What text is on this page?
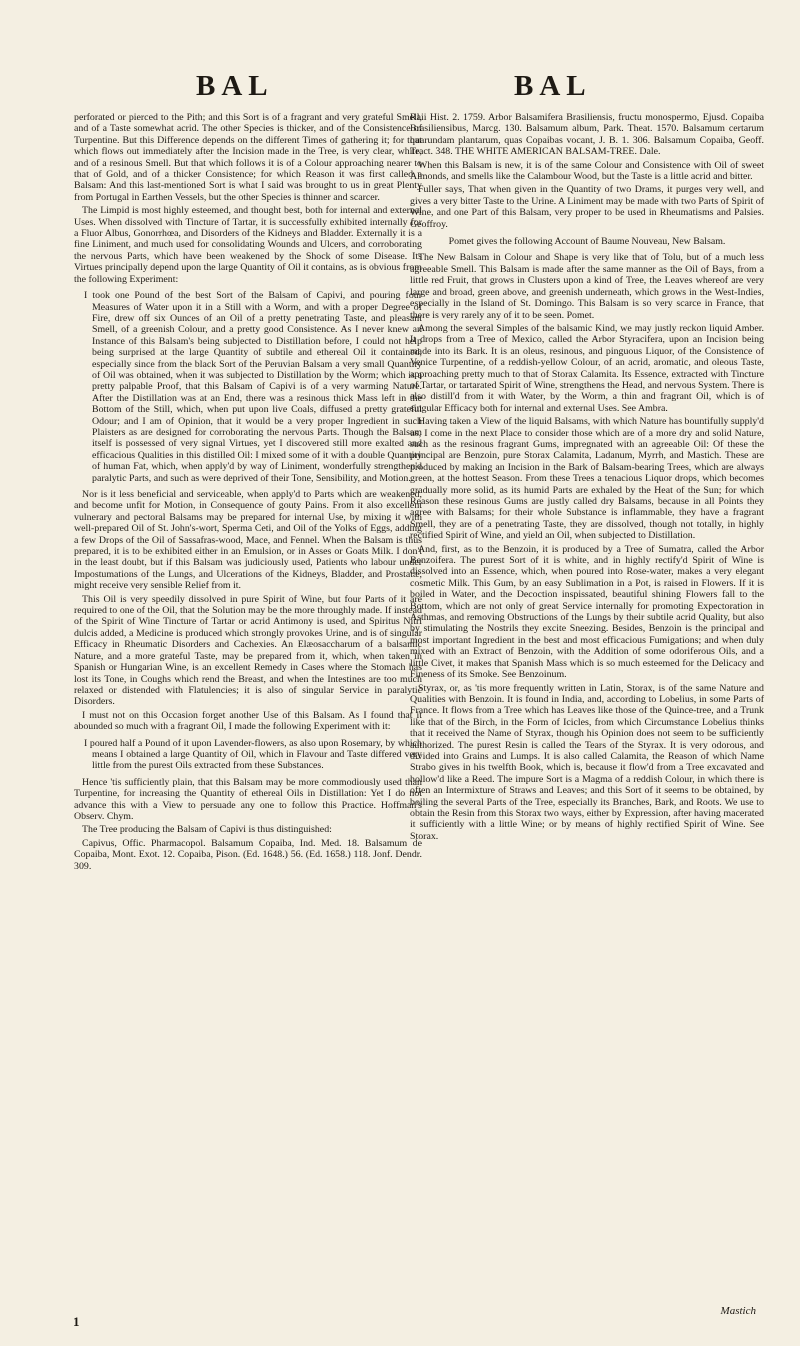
BAL	BAL

perforated or pierced to the Pith; and this Sort is of a fragrant and very grateful Smell, and of a Taste somewhat acrid. The other Species is thicker, and of the Consistence of Turpentine. But this Difference depends on the different Times of gathering it; for that which flows out immediately after the Incision made in the Tree, is very clear, white, and of a resinous Smell. But that which follows it is of a Colour approaching nearer to that of Gold, and of a thicker Consistence; for which Reason it was first called a Balsam: And this last-mentioned Sort is what I said was brought to us in great Plenty from Portugal in Earthen Vessels, but the other Species is thinner and scarcer.

The Limpid is most highly esteemed, and thought best, both for internal and external Uses. When dissolved with Tincture of Tartar, it is successfully exhibited internally for a Fluor Albus, Gonorrhœa, and Disorders of the Kidneys and Bladder. Externally it is a fine Liniment, and much used for consolidating Wounds and Ulcers, and corroborating the nervous Parts, which have been weakened by the Shock of some Disease. Its Virtues principally depend upon the large Quantity of Oil it contains, as is obvious from the following Experiment:

I took one Pound of the best Sort of the Balsam of Capivi, and pouring four Measures of Water upon it in a Still with a Worm, and with a proper Degree of Fire, drew off six Ounces of an Oil of a pretty penetrating Taste, and pleasant Smell, of a greenish Colour, and a pretty good Consistence. As I never knew an Instance of this Balsam's being subjected to Distillation before, I could not help being surprised at the large Quantity of subtile and ethereal Oil it contained, especially since from the black Sort of the Peruvian Balsam a very small Quantity of Oil was obtained, when it was subjected to Distillation by the Worm; which is a pretty palpable Proof, that this Balsam of Capivi is of a very warming Nature. After the Distillation was at an End, there was a resinous thick Mass left in the Bottom of the Still, which, when put upon live Coals, diffused a pretty grateful Odour; and I am of Opinion, that it would be a very proper Ingredient in such Plaisters as are designed for corroborating the nervous Parts. Though the Balsam itself is possessed of very signal Virtues, yet I discovered still more exalted and efficacious Qualities in this distilled Oil: I mixed some of it with a double Quantity of human Fat, which, when apply'd by way of Liniment, wonderfully strengthen'd paralytic Parts, and such as were deprived of their Tone, Sensibility, and Motion.

Nor is it less beneficial and serviceable, when apply'd to Parts which are weakened, and become unfit for Motion, in Consequence of gouty Pains. From it also excellent vulnerary and pectoral Balsams may be prepared for internal Use, by mixing it with well-prepared Oil of St. John's-wort, Sperma Ceti, and Oil of the Yolks of Eggs, adding a few Drops of the Oil of Sassafras-wood, Mace, and Fennel. When the Balsam is thus prepared, it is to be exhibited either in an Emulsion, or in Asses or Goats Milk. I don't in the least doubt, but if this Balsam was judiciously used, Patients who labour under Impostumations of the Lungs, and Ulcerations of the Kidneys, Bladder, and Prostatæ, might receive very sensible Relief from it.

This Oil is very speedily dissolved in pure Spirit of Wine, but four Parts of it are required to one of the Oil, that the Solution may be the more throughly made. If instead of the Spirit of Wine Tincture of Tartar or acrid Antimony is used, and Spiritus Nitri dulcis added, a Medicine is produced which strongly provokes Urine, and is of singular Efficacy in Rheumatic Disorders and Cachexies. An Elæosaccharum of a balsamic Nature, and a more grateful Taste, may be prepared from it, which, when taken in Spanish or Hungarian Wine, is an excellent Remedy in Cases where the Stomach has lost its Tone, in Coughs which rend the Breast, and when the Intestines are too much relaxed or distended with Flatulencies; it is also of singular Service in paralytic Disorders.

I must not on this Occasion forget another Use of this Balsam. As I found that it abounded so much with a fragrant Oil, I made the following Experiment with it:

I poured half a Pound of it upon Lavender-flowers, as also upon Rosemary, by which means I obtained a large Quantity of Oil, which in Flavour and Taste differed very little from the purest Oils extracted from these Substances.

Hence 'tis sufficiently plain, that this Balsam may be more commodiously used than Turpentine, for increasing the Quantity of ethereal Oils in Distillation: Yet I do not advance this with a View to persuade any one to follow this Practice. Hoffman's Observ. Chym.

The Tree producing the Balsam of Capivi is thus distinguished:

Capivus, Offic. Pharmacopol. Balsamum Copaiba, Ind. Med. 18. Balsamum de Copaiba, Mont. Exot. 12. Copaiba, Pison. (Ed. 1648.) 56. (Ed. 1658.) 118. Jonf. Dendr. 309.

Raii Hist. 2. 1759. Arbor Balsamifera Brasiliensis, fructu monospermo, Ejusd. Copaiba Brasiliensibus, Marcg. 130. Balsamum album, Park. Theat. 1570. Balsamum certarum quarundam plantarum, quas Copaibas vocant, J. B. 1. 306. Balsamum Copaiba, Geoff. Tract. 348. THE WHITE AMERICAN BALSAM-TREE. Dale.

When this Balsam is new, it is of the same Colour and Consistence with Oil of sweet Almonds, and smells like the Calambour Wood, but the Taste is a little acrid and bitter.

Fuller says, That when given in the Quantity of two Drams, it purges very well, and gives a very bitter Taste to the Urine. A Liniment may be made with two Parts of Spirit of Wine, and one Part of this Balsam, very proper to be used in Rheumatisms and Palsies. Geoffroy.

Pomet gives the following Account of Baume Nouveau, New Balsam.

The New Balsam in Colour and Shape is very like that of Tolu, but of a much less agreeable Smell. This Balsam is made after the same manner as the Oil of Bays, from a little red Fruit, that grows in Clusters upon a kind of Tree, the Leaves whereof are very large and broad, green above, and greenish underneath, which grows in the West-Indies, especially in the Island of St. Domingo. This Balsam is so very scarce in France, that there is very rarely any of it to be seen. Pomet.

Among the several Simples of the balsamic Kind, we may justly reckon liquid Amber. It drops from a Tree of Mexico, called the Arbor Styracifera, upon an Incision being made into its Bark. It is an oleus, resinous, and pinguous Liquor, of the Consistence of Venice Turpentine, of a reddish-yellow Colour, of an acrid, aromatic, and oleous Taste, approaching pretty much to that of Storax Calamita. Its Essence, extracted with Tincture of Tartar, or tartarated Spirit of Wine, strengthens the Head, and nervous System. There is also distill'd from it with Water, by the Worm, a thin and fragrant Oil, which is of singular Efficacy both for internal and external Uses. See Ambra.

Having taken a View of the liquid Balsams, with which Nature has bountifully supply'd us, I come in the next Place to consider those which are of a more dry and solid Nature, such as the resinous fragrant Gums, impregnated with an agreeable Oil: Of these the principal are Benzoin, pure Storax Calamita, Ladanum, Myrrh, and Mastich. These are produced by making an Incision in the Bark of Balsam-bearing Trees, which are always green, at the hottest Season. From these Trees a tenacious Liquor drops, which becomes gradually more solid, as its humid Parts are exhaled by the Heat of the Sun; for which Reason these resinous Gums are justly called dry Balsams, because in all Points they agree with Balsams; for their whole Substance is inflammable, they have a fragrant Smell, they are of a penetrating Taste, they are dissolved, though not totally, in highly rectified Spirit of Wine, and yield an Oil, when subjected to Distillation.

And, first, as to the Benzoin, it is produced by a Tree of Sumatra, called the Arbor Benzoifera. The purest Sort of it is white, and in highly rectify'd Spirit of Wine is dissolved into an Essence, which, when poured into Rose-water, makes a very elegant cosmetic Milk. This Gum, by an easy Sublimation in a Pot, is raised in Flowers. If it is boiled in Water, and the Decoction inspissated, beautiful shining Flowers fall to the Bottom, which are not only of great Service internally for promoting Expectoration in Asthmas, and removing Obstructions of the Lungs by their subtile acrid Quality, but also by stimulating the Nostrils they excite Sneezing. Besides, Benzoin is the principal and most important Ingredient in the best and most efficacious Fumigations; and when duly mixed with an Extract of Benzoin, with the Addition of some odoriferous Oils, and a little Civet, it makes that Spanish Mass which is so much esteemed for the Delicacy and Fineness of its Smoke. See Benzoinum.

Styrax, or, as 'tis more frequently written in Latin, Storax, is of the same Nature and Qualities with Benzoin. It is found in India, and, according to Lobelius, in some Parts of France. It flows from a Tree which has Leaves like those of the Quince-tree, and a Trunk like that of the Birch, in the Form of Icicles, from which Circumstance Lobelius thinks that it received the Name of Styrax, though his Opinion does not seem to be sufficiently authorized. The purest Resin is called the Tears of the Styrax. It is very odorous, and divided into Grains and Lumps. It is also called Calamita, the Reason of which Name Strabo gives in his twelfth Book, which is, because it flow'd from a Tree excavated and hollow'd like a Reed. The impure Sort is a Magma of a reddish Colour, in which there is often an Intermixture of Straws and Leaves; and this Sort of it seems to be obtained, by boiling the several Parts of the Tree, especially its Branches, Bark, and Roots. We use to obtain the Resin from this Storax two ways, either by Expression, after having macerated it sufficiently with a little Wine; or by means of highly rectified Spirit of Wine. See Storax.

1
Mastich
